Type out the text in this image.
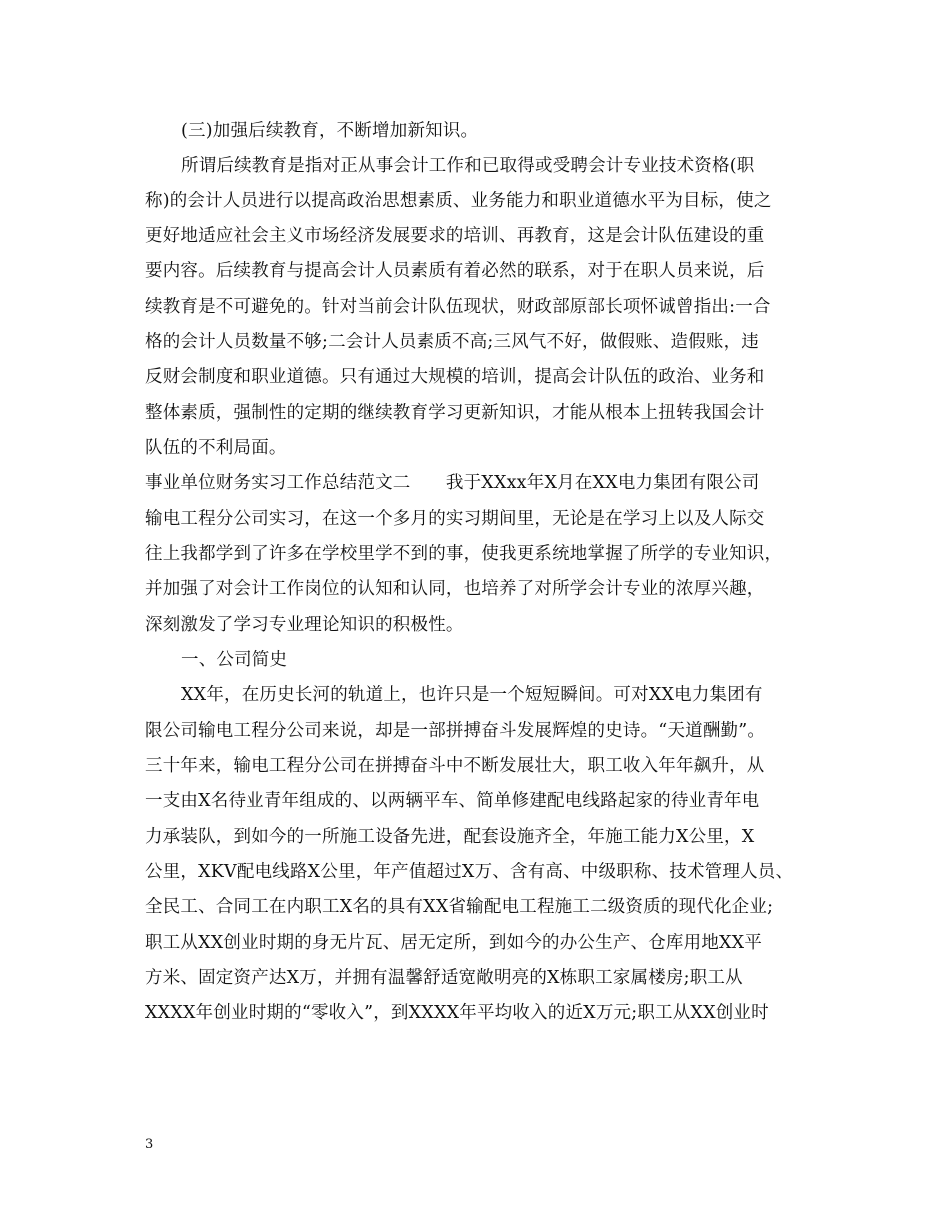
(三)加强后续教育，不断增加新知识。
所谓后续教育是指对正从事会计工作和已取得或受聘会计专业技术资格(职
称)的会计人员进行以提高政治思想素质、业务能力和职业道德水平为目标，使之
更好地适应社会主义市场经济发展要求的培训、再教育，这是会计队伍建设的重
要内容。后续教育与提高会计人员素质有着必然的联系，对于在职人员来说，后
续教育是不可避免的。针对当前会计队伍现状，财政部原部长项怀诚曾指出:一合
格的会计人员数量不够;二会计人员素质不高;三风气不好，做假账、造假账，违
反财会制度和职业道德。只有通过大规模的培训，提高会计队伍的政治、业务和
整体素质，强制性的定期的继续教育学习更新知识，才能从根本上扭转我国会计
队伍的不利局面。
事业单位财务实习工作总结范文二　　我于XXxx年X月在XX电力集团有限公司
输电工程分公司实习，在这一个多月的实习期间里，无论是在学习上以及人际交
往上我都学到了许多在学校里学不到的事，使我更系统地掌握了所学的专业知识，
并加强了对会计工作岗位的认知和认同，也培养了对所学会计专业的浓厚兴趣，
深刻激发了学习专业理论知识的积极性。
一、公司简史
XX年，在历史长河的轨道上，也许只是一个短短瞬间。可对XX电力集团有
限公司输电工程分公司来说，却是一部拼搏奋斗发展辉煌的史诗。“天道酬勤”。
三十年来，输电工程分公司在拼搏奋斗中不断发展壮大，职工收入年年飙升，从
一支由X名待业青年组成的、以两辆平车、简单修建配电线路起家的待业青年电
力承装队，到如今的一所施工设备先进，配套设施齐全，年施工能力X公里，X
公里，XKV配电线路X公里，年产值超过X万、含有高、中级职称、技术管理人员、
全民工、合同工在内职工X名的具有XX省输配电工程施工二级资质的现代化企业;
职工从XX创业时期的身无片瓦、居无定所，到如今的办公生产、仓库用地XX平
方米、固定资产达X万，并拥有温馨舒适宽敞明亮的X栋职工家属楼房;职工从
XXXX年创业时期的“零收入”，到XXXX年平均收入的近X万元;职工从XX创业时
3
